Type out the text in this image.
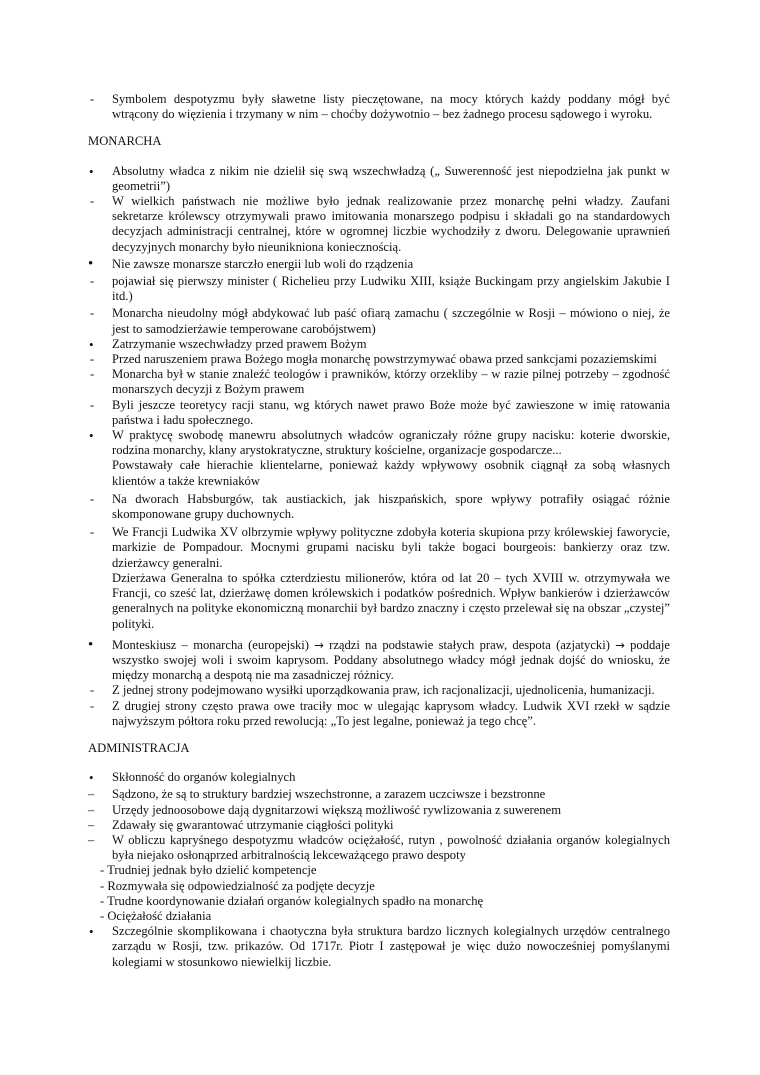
-	Symbolem despotyzmu były sławetne listy pieczętowane, na mocy których każdy poddany mógł być wtrącony do więzienia i trzymany w nim – choćby dożywotnio – bez żadnego procesu sądowego i wyroku.
MONARCHA
•	Absolutny władca z nikim nie dzielił się swą wszechwładzą („ Suwerenność jest niepodzielna jak punkt w geometrii”)
-	W wielkich państwach nie możliwe było jednak realizowanie przez monarchę pełni władzy. Zaufani sekretarze królewscy otrzymywali prawo imitowania monarszego podpisu i składali go na standardowych decyzjach administracji centralnej, które w ogromnej liczbie wychodziły z dworu. Delegowanie uprawnień decyzyjnych monarchy było nieunikniona koniecznością.
•	Nie zawsze monarsze starczło energii lub woli do rządzenia
-	pojawiał się pierwszy minister ( Richelieu przy Ludwiku XIII, książe Buckingam przy angielskim Jakubie I itd.)
-	Monarcha nieudolny mógł abdykować lub paść ofiarą zamachu ( szczególnie w Rosji – mówiono o niej, że jest to samodzierżawie temperowane carobójstwem)
•	Zatrzymanie wszechwładzy przed prawem Bożym
-	Przed naruszeniem prawa Bożego mogła monarchę powstrzymywać obawa przed sankcjami pozaziemskimi
-	Monarcha był w stanie znaleźć teologów i prawników, którzy orzekliby – w razie pilnej potrzeby – zgodność monarszych decyzji z Bożym prawem
-	Byli jeszcze teoretycy racji stanu, wg których nawet prawo Boże może być zawieszone w imię ratowania państwa i ładu społecznego.
•	W praktycę swobodę manewru absolutnych władców ograniczały różne grupy nacisku: koterie dworskie, rodzina monarchy, klany arystokratyczne, struktury kościelne, organizacje gospodarcze...
Powstawały całe hierachie klientelarne, ponieważ każdy wpływowy osobnik ciągnął za sobą własnych klientów a także krewniaków
-	Na dworach Habsburgów, tak austiackich, jak hiszpańskich, spore wpływy potrafiły osiągać różnie skomponowane grupy duchownych.
-	We Francji Ludwika XV olbrzymie wpływy polityczne zdobyła koteria skupiona przy królewskiej faworycie, markizie de Pompadour. Mocnymi grupami nacisku byli także bogaci bourgeois: bankierzy oraz tzw. dzierżawcy generalni.
Dzierżawa Generalna to spółka czterdziestu milionerów, która od lat 20 – tych XVIII w. otrzymywała we Francji, co sześć lat, dzierżawę domen królewskich i podatków pośrednich. Wpływ bankierów i dzierżawców generalnych na polityke ekonomiczną monarchii był bardzo znaczny i często przelewał się na obszar „czystej” polityki.
•	Monteskiusz – monarcha (europejski) → rządzi na podstawie stałych praw, despota (azjatycki) → poddaje wszystko swojej woli i swoim kaprysom. Poddany absolutnego władcy mógł jednak dojść do wniosku, że między monarchą a despotą nie ma zasadniczej różnicy.
-	Z jednej strony podejmowano wysiłki uporządkowania praw, ich racjonalizacji, ujednolicenia, humanizacji.
-	Z drugiej strony często prawa owe traciły moc w ulegając kaprysom władcy. Ludwik XVI rzekł w sądzie najwyższym półtora roku przed rewolucją: „To jest legalne, ponieważ ja tego chcę”.
ADMINISTRACJA
•	Skłonność do organów kolegialnych
–	Sądzono, że są to struktury bardziej wszechstronne, a zarazem uczciwsze i bezstronne
–	Urzędy jednoosobowe dają dygnitarzowi większą możliwość rywlizowania z suwerenem
–	Zdawały się gwarantować utrzymanie ciągłości polityki
–	W obliczu kapryśnego despotyzmu władców ociężałość, rutyn , powolność działania organów kolegialnych była niejako osłonąprzed arbitralnością lekceważącego prawo despoty
- Trudniej jednak było dzielić kompetencje
- Rozmywała się odpowiedzialność za podjęte decyzje
- Trudne koordynowanie działań organów kolegialnych spadło na monarchę
- Ociężałość działania
•	Szczególnie skomplikowana i chaotyczna była struktura bardzo licznych kolegialnych urzędów centralnego zarządu w Rosji, tzw. prikazów. Od 1717r. Piotr I zastępował je więc dużo nowocześniej pomyślanymi kolegiami w stosunkowo niewielkij liczbie.
